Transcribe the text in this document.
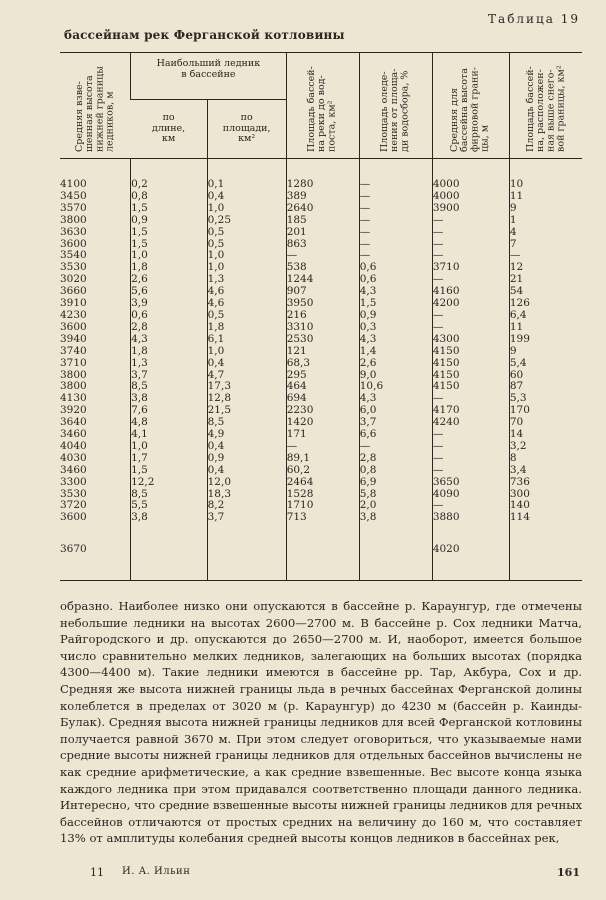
бассейнам рек Ферганской котловины
Таблица 19
Средняя взве-
шенная высота
нижней границы
ледников, м	Наибольший ледник
в бассейне		Площадь бассей-
на реки до вод-
поста, км²	Площадь оледе-
нения от площа-
ди водосбора, %	Средняя для
бассейна высота
фирновой грани-
цы, м	Площадь бассей-
на, расположен-
ная выше снего-
вой границы, км²

	по
длине,
км	по
площади,
км²				

4100	0,2	0,1	1280	—	4000	10
3450	0,8	0,4	389	—	4000	11
3570	1,5	1,0	2640	—	3900	9
3800	0,9	0,25	185	—	—	1
3630	1,5	0,5	201	—	—	4
3600	1,5	0,5	863	—	—	7
3540	1,0	1,0	—	—	—	—
3530	1,8	1,0	538	0,6	3710	12
3020	2,6	1,3	1244	0,6	—	21
3660	5,6	4,6	907	4,3	4160	54
3910	3,9	4,6	3950	1,5	4200	126
4230	0,6	0,5	216	0,9	—	6,4
3600	2,8	1,8	3310	0,3	—	11
3940	4,3	6,1	2530	4,3	4300	199
3740	1,8	1,0	121	1,4	4150	9
3710	1,3	0,4	68,3	2,6	4150	5,4
3800	3,7	4,7	295	9,0	4150	60
3800	8,5	17,3	464	10,6	4150	87
4130	3,8	12,8	694	4,3	—	5,3
3920	7,6	21,5	2230	6,0	4170	170
3640	4,8	8,5	1420	3,7	4240	70
3460	4,1	4,9	171	6,6	—	14
4040	1,0	0,4	—	—	—	3,2
4030	1,7	0,9	89,1	2,8	—	8
3460	1,5	0,4	60,2	0,8	—	3,4
3300	12,2	12,0	2464	6,9	3650	736
3530	8,5	18,3	1528	5,8	4090	300
3720	5,5	8,2	1710	2,0	—	140
3600	3,8	3,7	713	3,8	3880	114
3670					4020	

образно. Наиболее низко они опускаются в бассейне р. Караунгур, где отмечены небольшие ледники на высотах 2600—2700 м. В бассейне р. Сох ледники Матча, Райгородского и др. опускаются до 2650—2700 м. И, наоборот, имеется большое число сравнительно мелких ледников, залегающих на больших высотах (порядка 4300—4400 м). Такие ледники имеются в бассейне рр. Тар, Акбура, Сох и др. Средняя же высота нижней границы льда в речных бассейнах Ферганской долины колеблется в пределах от 3020 м (р. Караунгур) до 4230 м (бассейн р. Каинды-Булак). Средняя высота нижней границы ледников для всей Ферганской котловины получается равной 3670 м. При этом следует оговориться, что указываемые нами средние высоты нижней границы ледников для отдельных бассейнов вычислены не как средние арифметические, а как средние взвешенные. Вес высоте конца языка каждого ледника при этом придавался соответственно площади данного ледника. Интересно, что средние взвешенные высоты нижней границы ледников для речных бассейнов отличаются от простых средних на величину до 160 м, что составляет 13% от амплитуды колебания средней высоты концов ледников в бассейнах рек,

11 И. А. Ильин	161
